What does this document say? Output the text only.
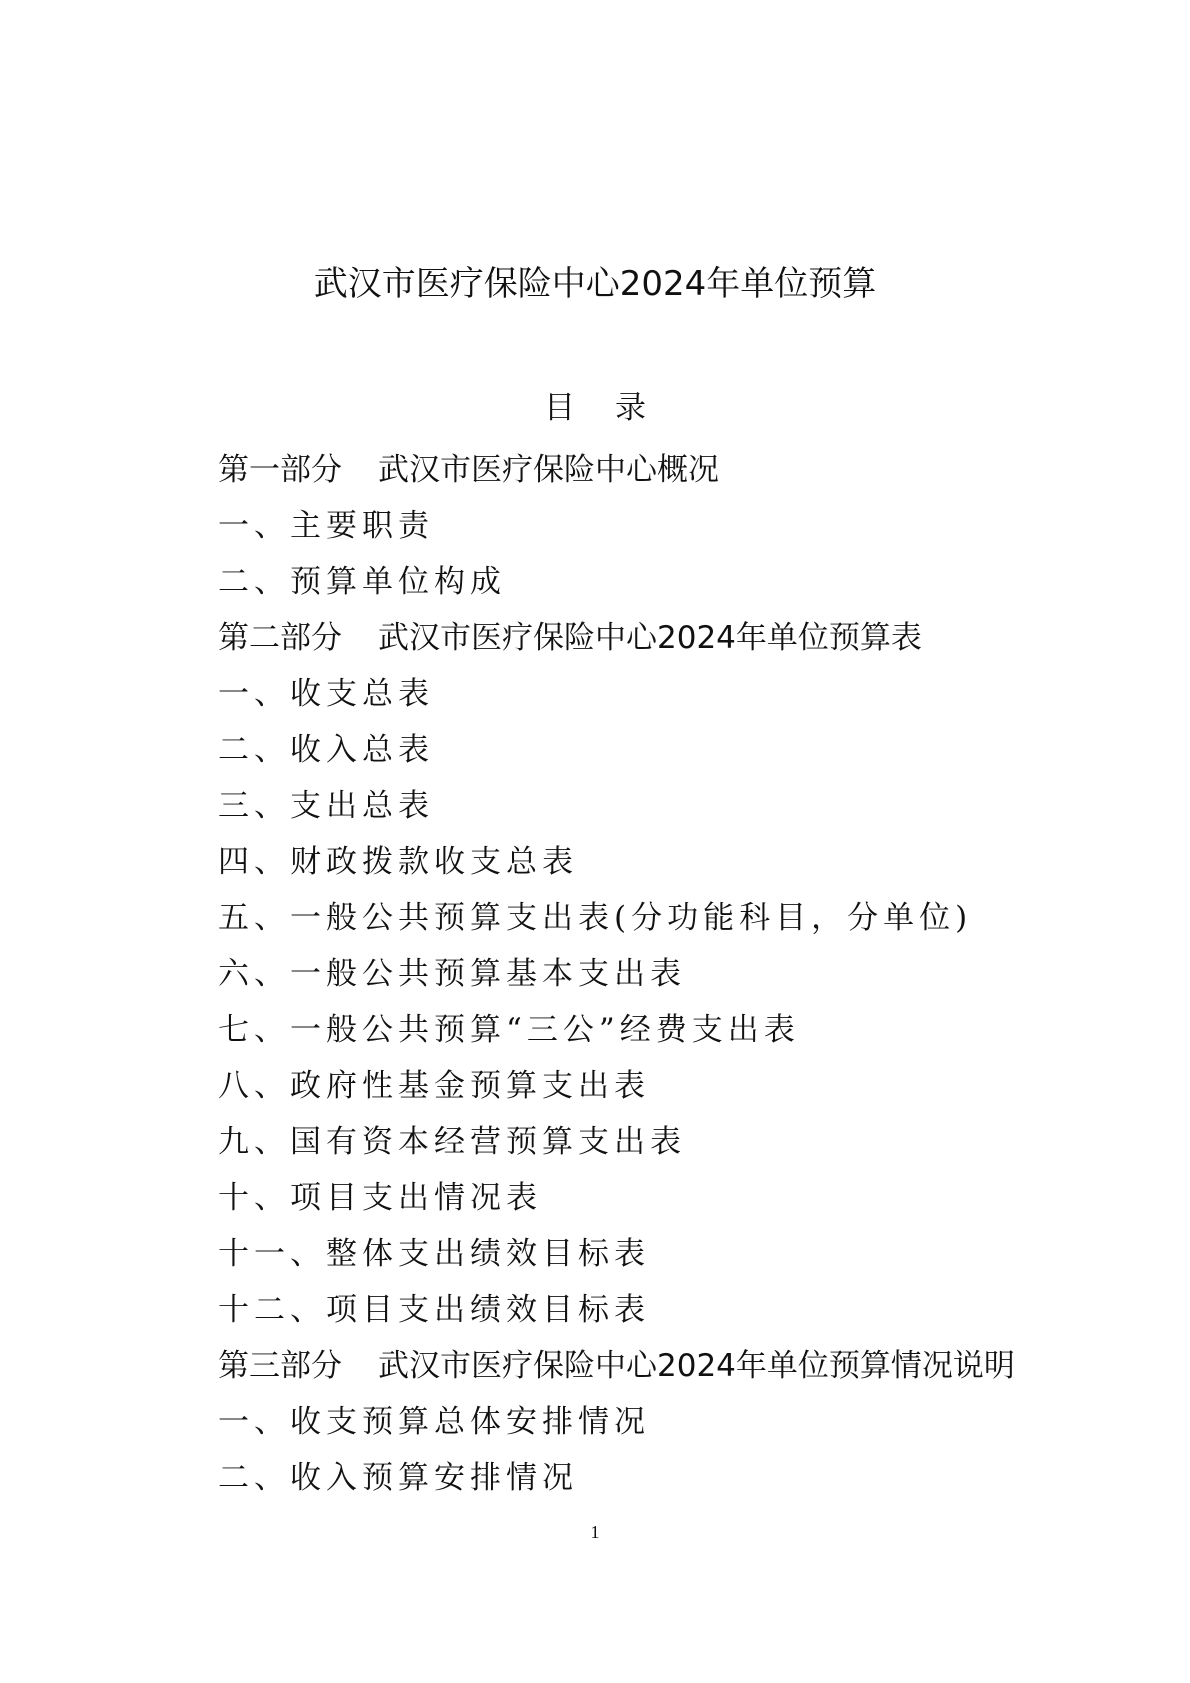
武汉市医疗保险中心2024年单位预算
目 录
第一部分 武汉市医疗保险中心概况
一、主要职责
二、预算单位构成
第二部分 武汉市医疗保险中心2024年单位预算表
一、收支总表
二、收入总表
三、支出总表
四、财政拨款收支总表
五、一般公共预算支出表(分功能科目，分单位)
六、一般公共预算基本支出表
七、一般公共预算“三公”经费支出表
八、政府性基金预算支出表
九、国有资本经营预算支出表
十、项目支出情况表
十一、整体支出绩效目标表
十二、项目支出绩效目标表
第三部分 武汉市医疗保险中心2024年单位预算情况说明
一、收支预算总体安排情况
二、收入预算安排情况
1
